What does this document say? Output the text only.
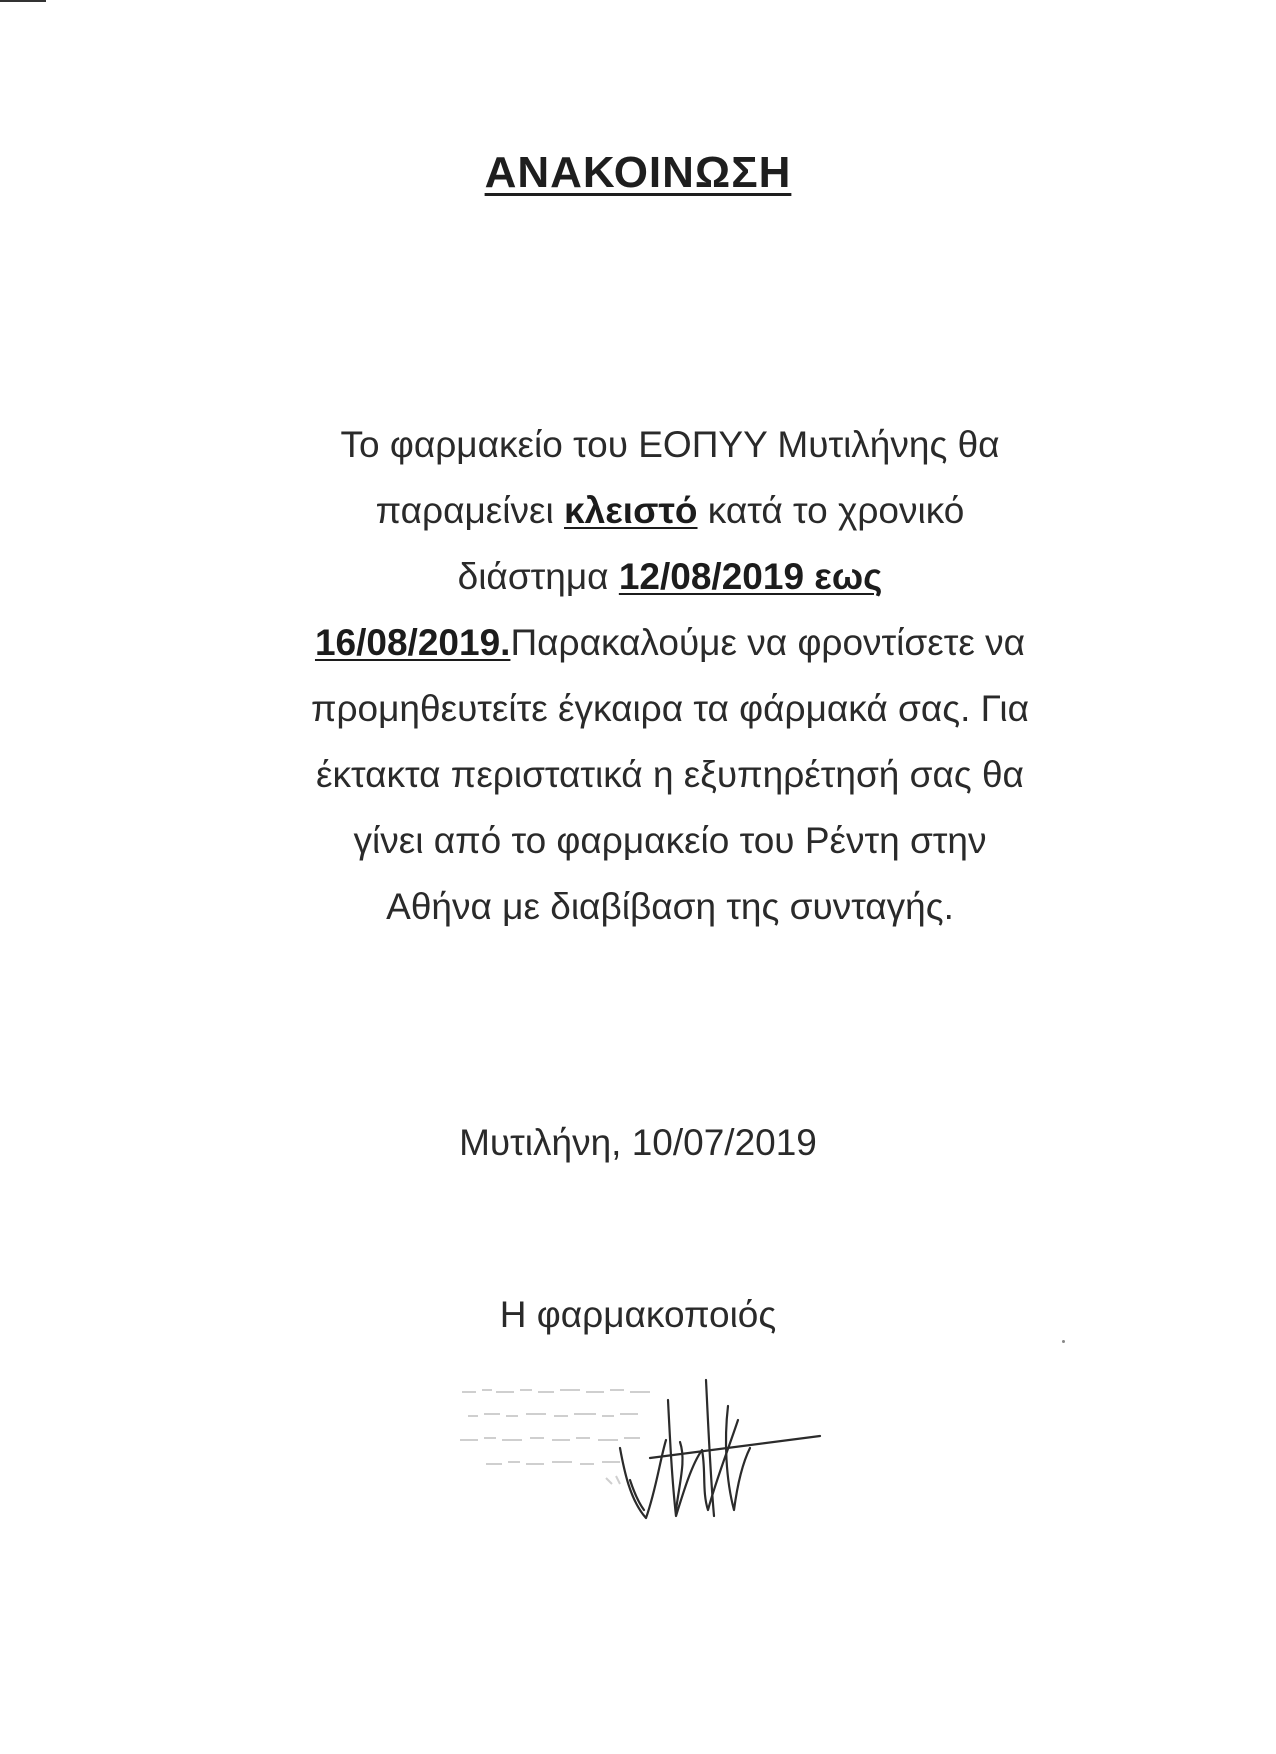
ΑΝΑΚΟΙΝΩΣΗ
Το φαρμακείο του ΕΟΠΥΥ Μυτιλήνης θα
παραμείνει κλειστό κατά το χρονικό
διάστημα 12/08/2019 εως
16/08/2019.Παρακαλούμε να φροντίσετε να
προμηθευτείτε έγκαιρα τα φάρμακά σας. Για
έκτακτα περιστατικά η εξυπηρέτησή σας θα
γίνει από το φαρμακείο του Ρέντη στην
Αθήνα με διαβίβαση της συνταγής.
Μυτιλήνη, 10/07/2019
Η φαρμακοποιός
